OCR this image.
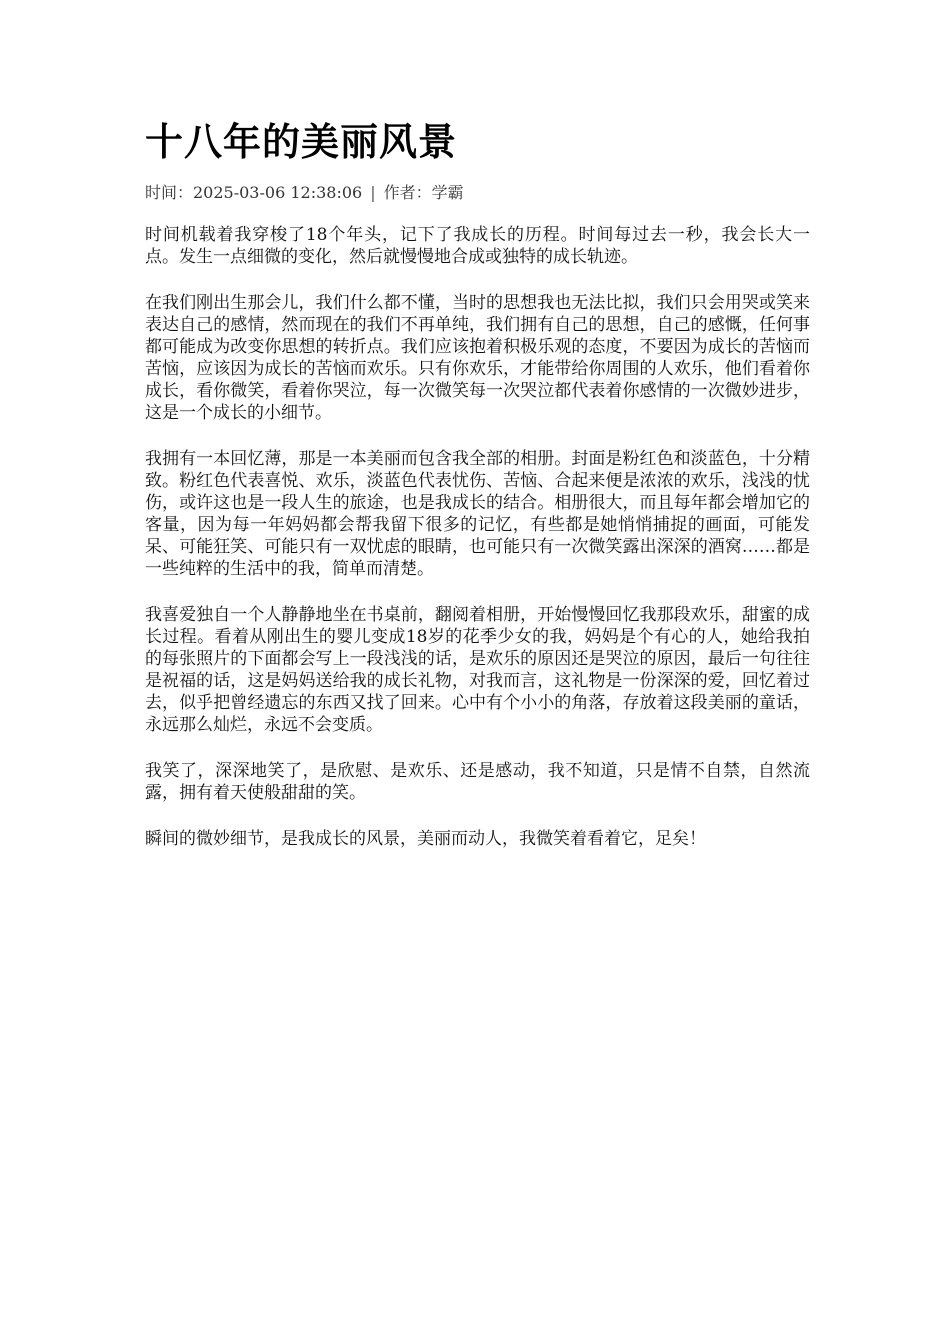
十八年的美丽风景
时间：2025-03-06 12:38:06 | 作者：学霸

时间机载着我穿梭了18个年头，记下了我成长的历程。时间每过去一秒，我会长大一点。发生一点细微的变化，然后就慢慢地合成或独特的成长轨迹。

在我们刚出生那会儿，我们什么都不懂，当时的思想我也无法比拟，我们只会用哭或笑来表达自己的感情，然而现在的我们不再单纯，我们拥有自己的思想，自己的感慨，任何事都可能成为改变你思想的转折点。我们应该抱着积极乐观的态度，不要因为成长的苦恼而苦恼，应该因为成长的苦恼而欢乐。只有你欢乐，才能带给你周围的人欢乐，他们看着你成长，看你微笑，看着你哭泣，每一次微笑每一次哭泣都代表着你感情的一次微妙进步，这是一个成长的小细节。

我拥有一本回忆薄，那是一本美丽而包含我全部的相册。封面是粉红色和淡蓝色，十分精致。粉红色代表喜悦、欢乐，淡蓝色代表忧伤、苦恼、合起来便是浓浓的欢乐，浅浅的忧伤，或许这也是一段人生的旅途，也是我成长的结合。相册很大，而且每年都会增加它的客量，因为每一年妈妈都会帮我留下很多的记忆，有些都是她悄悄捕捉的画面，可能发呆、可能狂笑、可能只有一双忧虑的眼睛，也可能只有一次微笑露出深深的酒窝……都是一些纯粹的生活中的我，简单而清楚。

我喜爱独自一个人静静地坐在书桌前，翻阅着相册，开始慢慢回忆我那段欢乐，甜蜜的成长过程。看着从刚出生的婴儿变成18岁的花季少女的我，妈妈是个有心的人，她给我拍的每张照片的下面都会写上一段浅浅的话，是欢乐的原因还是哭泣的原因，最后一句往往是祝福的话，这是妈妈送给我的成长礼物，对我而言，这礼物是一份深深的爱，回忆着过去，似乎把曾经遗忘的东西又找了回来。心中有个小小的角落，存放着这段美丽的童话，永远那么灿烂，永远不会变质。

我笑了，深深地笑了，是欣慰、是欢乐、还是感动，我不知道，只是情不自禁，自然流露，拥有着天使般甜甜的笑。

瞬间的微妙细节，是我成长的风景，美丽而动人，我微笑着看着它，足矣！
